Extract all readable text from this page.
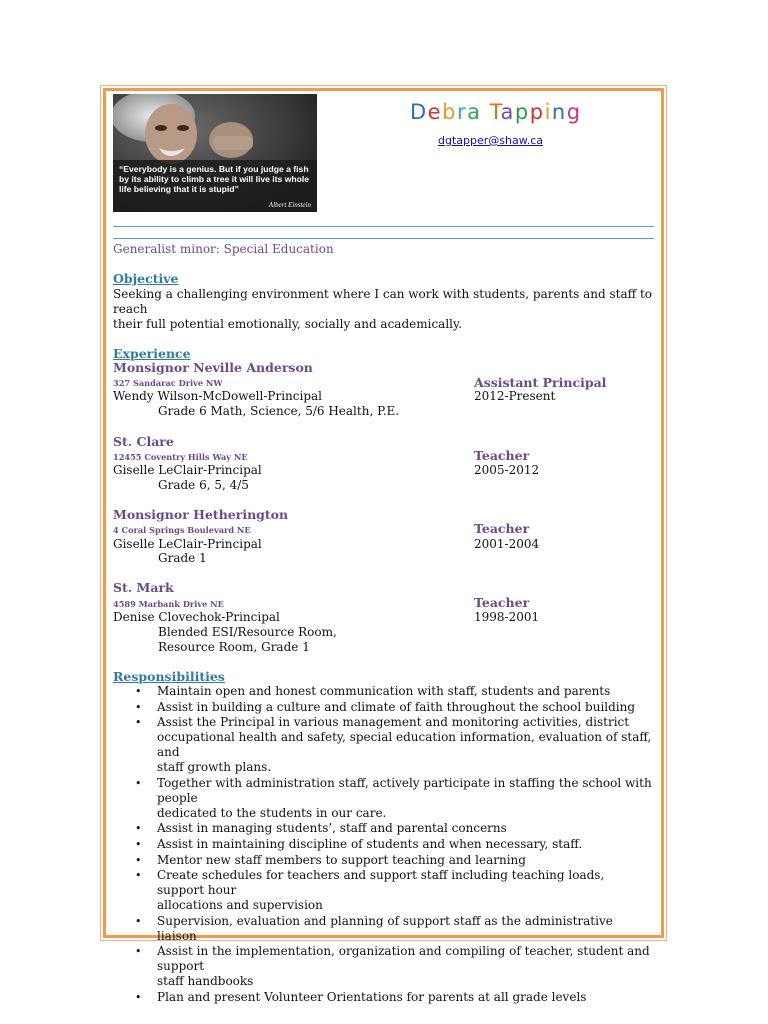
“Everybody is a genius. But if you judge a fish by its ability to climb a tree it will live its whole life believing that it is stupid”
Albert Einstein
Debra Tapping
dgtapper@shaw.ca
Generalist minor: Special Education
Objective
Seeking a challenging environment where I can work with students, parents and staff to reach
their full potential emotionally, socially and academically.
Experience
Monsignor Neville Anderson
327 Sandarac Drive NW	Assistant Principal
Wendy Wilson-McDowell-Principal	2012-Present
Grade 6 Math, Science, 5/6 Health, P.E.
St. Clare
12455 Coventry Hills Way NE	Teacher
Giselle LeClair-Principal	2005-2012
Grade 6, 5, 4/5
Monsignor Hetherington
4 Coral Springs Boulevard NE	Teacher
Giselle LeClair-Principal	2001-2004
Grade 1
St. Mark
4589 Marbank Drive NE	Teacher
Denise Clovechok-Principal	1998-2001
Blended ESI/Resource Room,
Resource Room, Grade 1
Responsibilities
• Maintain open and honest communication with staff, students and parents
• Assist in building a culture and climate of faith throughout the school building
• Assist the Principal in various management and monitoring activities, district
occupational health and safety, special education information, evaluation of staff, and
staff growth plans.
• Together with administration staff, actively participate in staffing the school with people
dedicated to the students in our care.
• Assist in managing students’, staff and parental concerns
• Assist in maintaining discipline of students and when necessary, staff.
• Mentor new staff members to support teaching and learning
• Create schedules for teachers and support staff including teaching loads, support hour
allocations and supervision
• Supervision, evaluation and planning of support staff as the administrative liaison
• Assist in the implementation, organization and compiling of teacher, student and support
staff handbooks
• Plan and present Volunteer Orientations for parents at all grade levels
